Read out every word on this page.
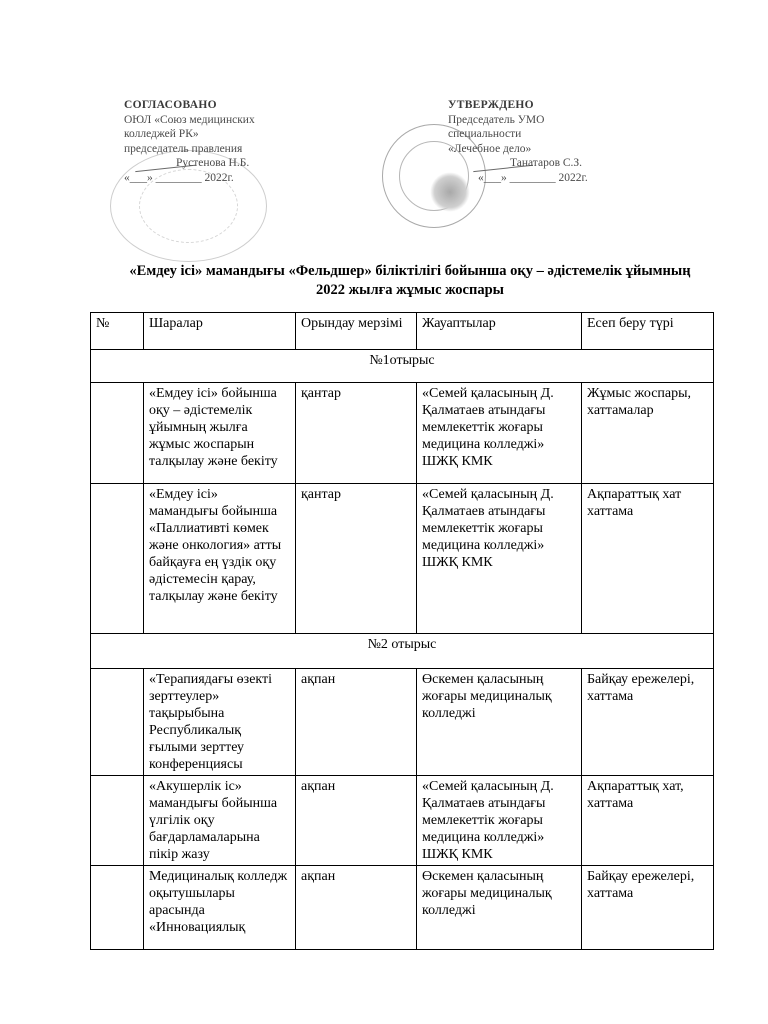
СОГЛАСОВАНО
ОЮЛ «Союз медицинских
колледжей РК»
председатель правления
Рустенова Н.Б.
«___» ________ 2022г.
УТВЕРЖДЕНО
Председатель УМО
специальности
«Лечебное дело»
Танатаров С.З.
«___» ________ 2022г.
«Емдеу ісі» мамандығы «Фельдшер» біліктілігі бойынша оқу – әдістемелік ұйымның
2022 жылға жұмыс жоспары
№	Шаралар	Орындау мерзімі	Жауаптылар	Есеп беру түрі
№1отырыс				
	«Емдеу ісі» бойынша оқу – әдістемелік ұйымның жылға жұмыс жоспарын талқылау және бекіту	қантар	«Семей қаласының Д. Қалматаев атындағы мемлекеттік жоғары медицина колледжі» ШЖҚ КМК	Жұмыс жоспары, хаттамалар
	«Емдеу ісі» мамандығы бойынша «Паллиативті көмек және онкология» атты байқауға ең үздік оқу әдістемесін қарау, талқылау және бекіту	қантар	«Семей қаласының Д. Қалматаев атындағы мемлекеттік жоғары медицина колледжі» ШЖҚ КМК	Ақпараттық хат хаттама
№2 отырыс				
	«Терапиядағы өзекті зерттеулер» тақырыбына Республикалық ғылыми зерттеу конференциясы	ақпан	Өскемен қаласының жоғары медициналық колледжі	Байқау ережелері, хаттама
	«Акушерлік іс» мамандығы бойынша үлгілік оқу бағдарламаларына пікір жазу	ақпан	«Семей қаласының Д. Қалматаев атындағы мемлекеттік жоғары медицина колледжі» ШЖҚ КМК	Ақпараттық хат, хаттама
	Медициналық колледж оқытушылары арасында «Инновациялық	ақпан	Өскемен қаласының жоғары медициналық колледжі	Байқау ережелері, хаттама
